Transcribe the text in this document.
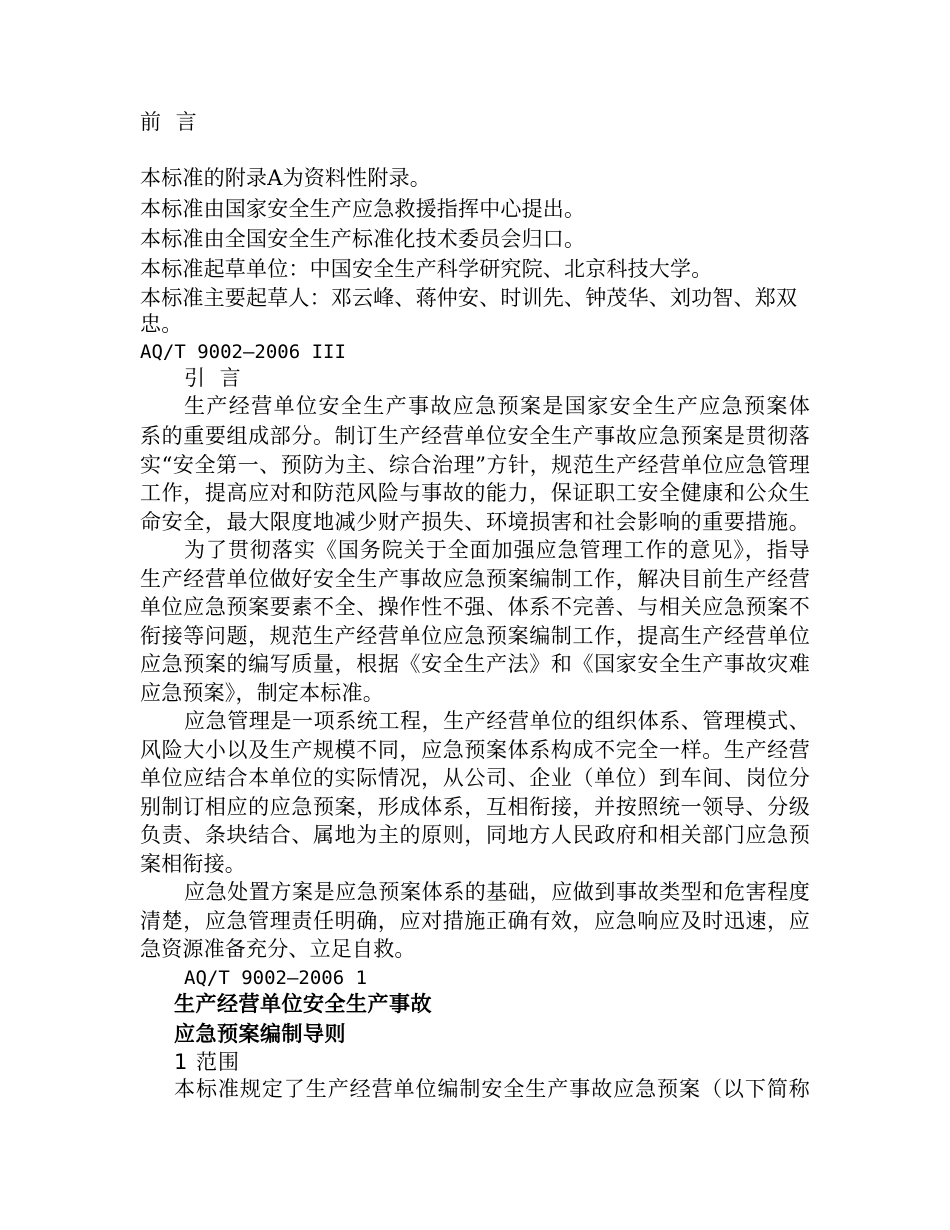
前 言
本标准的附录A为资料性附录。
本标准由国家安全生产应急救援指挥中心提出。
本标准由全国安全生产标准化技术委员会归口。
本标准起草单位：中国安全生产科学研究院、北京科技大学。
本标准主要起草人：邓云峰、蒋仲安、时训先、钟茂华、刘功智、郑双
忠。
AQ/T 9002—2006 III
引 言
生产经营单位安全生产事故应急预案是国家安全生产应急预案体
系的重要组成部分。制订生产经营单位安全生产事故应急预案是贯彻落
实“安全第一、预防为主、综合治理”方针，规范生产经营单位应急管理
工作，提高应对和防范风险与事故的能力，保证职工安全健康和公众生
命安全，最大限度地减少财产损失、环境损害和社会影响的重要措施。
为了贯彻落实《国务院关于全面加强应急管理工作的意见》，指导
生产经营单位做好安全生产事故应急预案编制工作，解决目前生产经营
单位应急预案要素不全、操作性不强、体系不完善、与相关应急预案不
衔接等问题，规范生产经营单位应急预案编制工作，提高生产经营单位
应急预案的编写质量，根据《安全生产法》和《国家安全生产事故灾难
应急预案》，制定本标准。
应急管理是一项系统工程，生产经营单位的组织体系、管理模式、
风险大小以及生产规模不同，应急预案体系构成不完全一样。生产经营
单位应结合本单位的实际情况，从公司、企业（单位）到车间、岗位分
别制订相应的应急预案，形成体系，互相衔接，并按照统一领导、分级
负责、条块结合、属地为主的原则，同地方人民政府和相关部门应急预
案相衔接。
应急处置方案是应急预案体系的基础，应做到事故类型和危害程度
清楚，应急管理责任明确，应对措施正确有效，应急响应及时迅速，应
急资源准备充分、立足自救。
AQ/T 9002—2006 1
生产经营单位安全生产事故
应急预案编制导则
1 范围
本标准规定了生产经营单位编制安全生产事故应急预案（以下简称
